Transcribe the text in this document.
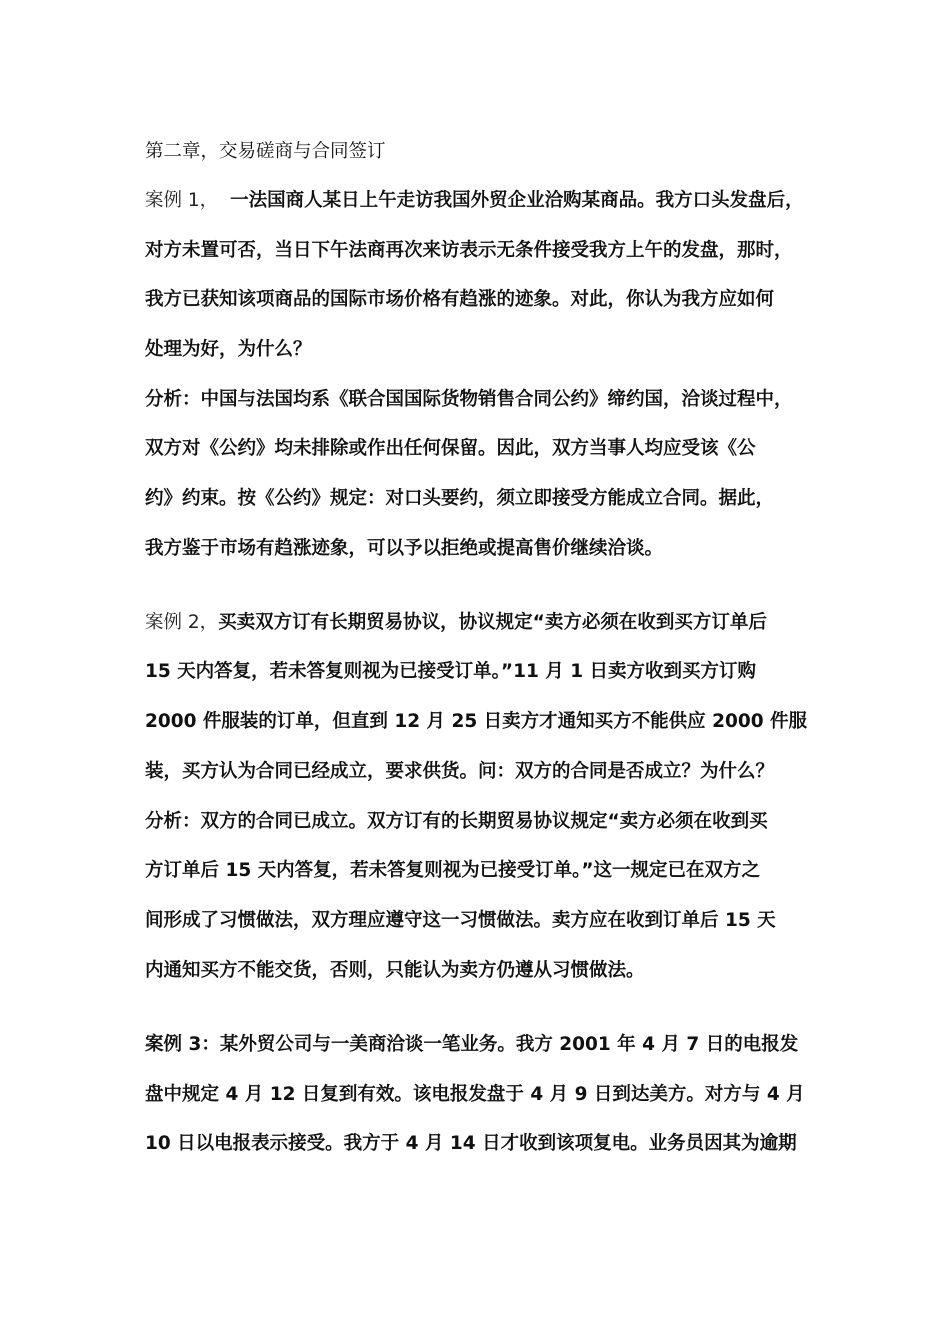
第二章，交易磋商与合同签订
案例 1， 一法国商人某日上午走访我国外贸企业洽购某商品。我方口头发盘后，
对方未置可否，当日下午法商再次来访表示无条件接受我方上午的发盘，那时，
我方已获知该项商品的国际市场价格有趋涨的迹象。对此，你认为我方应如何
处理为好，为什么？
分析：中国与法国均系《联合国国际货物销售合同公约》缔约国，洽谈过程中，
双方对《公约》均未排除或作出任何保留。因此，双方当事人均应受该《公
约》约束。按《公约》规定：对口头要约，须立即接受方能成立合同。据此，
我方鉴于市场有趋涨迹象，可以予以拒绝或提高售价继续洽谈。
案例 2，买卖双方订有长期贸易协议，协议规定“卖方必须在收到买方订单后
15 天内答复，若未答复则视为已接受订单。”11 月 1 日卖方收到买方订购
2000 件服装的订单，但直到 12 月 25 日卖方才通知买方不能供应 2000 件服
装，买方认为合同已经成立，要求供货。问：双方的合同是否成立？为什么？
分析：双方的合同已成立。双方订有的长期贸易协议规定“卖方必须在收到买
方订单后 15 天内答复，若未答复则视为已接受订单。”这一规定已在双方之
间形成了习惯做法，双方理应遵守这一习惯做法。卖方应在收到订单后 15 天
内通知买方不能交货，否则，只能认为卖方仍遵从习惯做法。
案例 3：某外贸公司与一美商洽谈一笔业务。我方 2001 年 4 月 7 日的电报发
盘中规定 4 月 12 日复到有效。该电报发盘于 4 月 9 日到达美方。对方与 4 月
10 日以电报表示接受。我方于 4 月 14 日才收到该项复电。业务员因其为逾期
